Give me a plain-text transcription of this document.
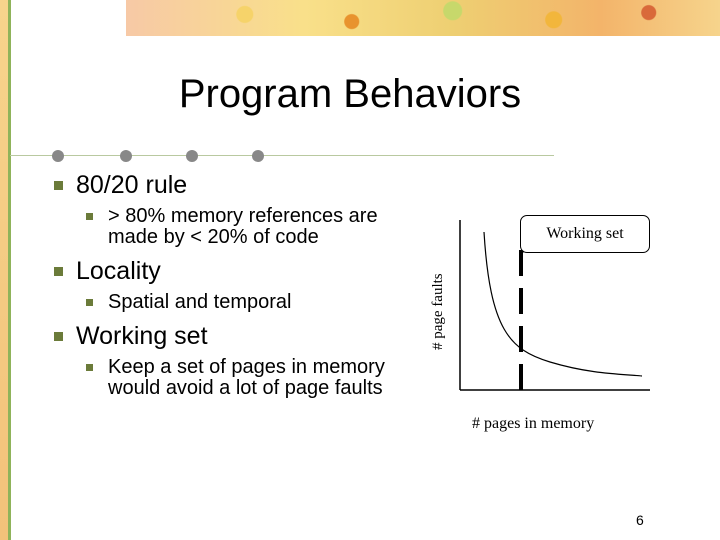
Program Behaviors
80/20 rule
> 80% memory references are made by < 20% of code
Locality
Spatial and temporal
Working set
Keep a set of pages in memory would avoid a lot of page faults
# page faults
# pages in memory
Working set
6
